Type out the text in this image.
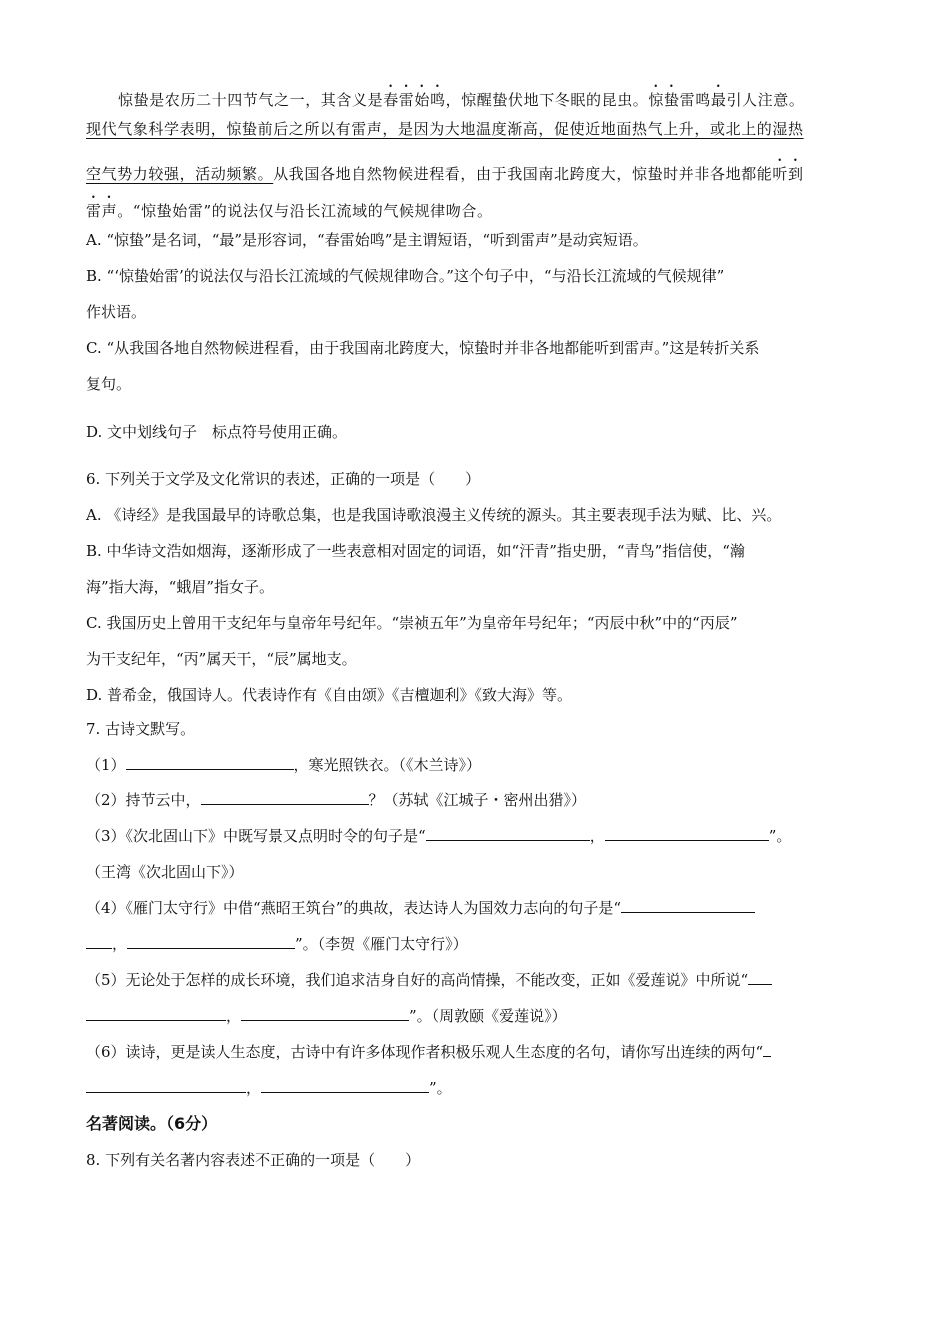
惊蛰是农历二十四节气之一，其含义是春雷始鸣，惊醒蛰伏地下冬眠的昆虫。惊蛰雷鸣最引人注意。
现代气象科学表明，惊蛰前后之所以有雷声，是因为大地温度渐高，促使近地面热气上升，或北上的湿热
空气势力较强，活动频繁。从我国各地自然物候进程看，由于我国南北跨度大，惊蛰时并非各地都能听到
雷声。“惊蛰始雷”的说法仅与沿长江流域的气候规律吻合。
A. “惊蛰”是名词，“最”是形容词，“春雷始鸣”是主谓短语，“听到雷声”是动宾短语。
B. “‘惊蛰始雷’的说法仅与沿长江流域的气候规律吻合。”这个句子中，“与沿长江流域的气候规律”
作状语。
C. “从我国各地自然物候进程看，由于我国南北跨度大，惊蛰时并非各地都能听到雷声。”这是转折关系
复句。
D. 文中划线句子　标点符号使用正确。
6. 下列关于文学及文化常识的表述，正确的一项是（　　）
A. 《诗经》是我国最早的诗歌总集，也是我国诗歌浪漫主义传统的源头。其主要表现手法为赋、比、兴。
B. 中华诗文浩如烟海，逐渐形成了一些表意相对固定的词语，如“汗青”指史册，“青鸟”指信使，“瀚
海”指大海，“蛾眉”指女子。
C. 我国历史上曾用干支纪年与皇帝年号纪年。“崇祯五年”为皇帝年号纪年；“丙辰中秋”中的“丙辰”
为干支纪年，“丙”属天干，“辰”属地支。
D. 普希金，俄国诗人。代表诗作有《自由颂》《吉檀迦利》《致大海》等。
7. 古诗文默写。
（1）	，寒光照铁衣。（《木兰诗》）
（2）持节云中，	？（苏轼《江城子・密州出猎》）
（3）《次北固山下》中既写景又点明时令的句子是“	，	”。
（王湾《次北固山下》）
（4）《雁门太守行》中借“燕昭王筑台”的典故，表达诗人为国效力志向的句子是“
，	”。（李贺《雁门太守行》）
（5）无论处于怎样的成长环境，我们追求洁身自好的高尚情操，不能改变，正如《爱莲说》中所说“
，	”。（周敦颐《爱莲说》）
（6）读诗，更是读人生态度，古诗中有许多体现作者积极乐观人生态度的名句，请你写出连续的两句“
，	”。
名著阅读。（6分）
8. 下列有关名著内容表述不正确的一项是（　　）
